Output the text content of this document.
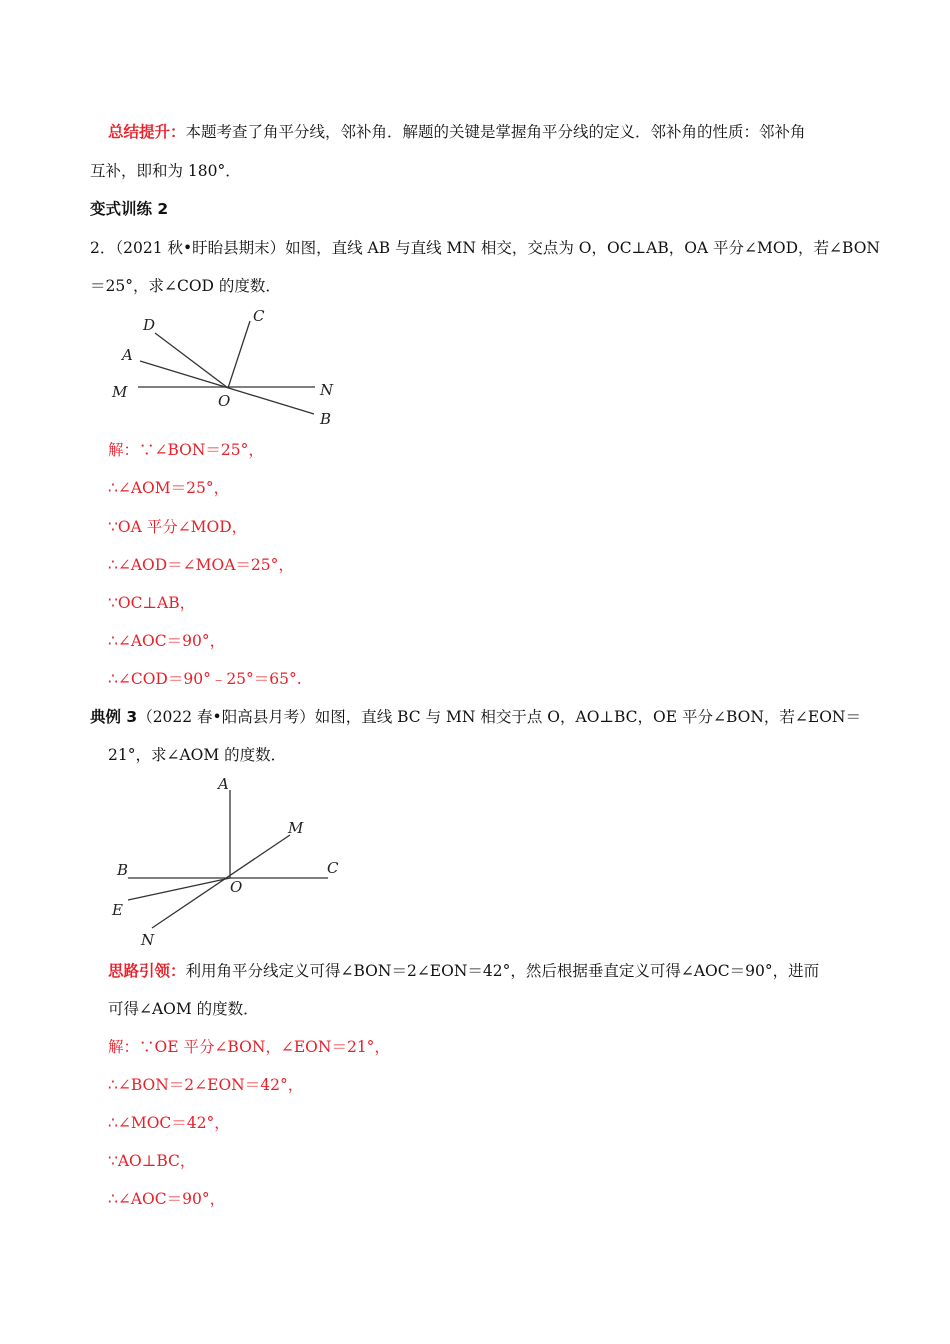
总结提升：本题考查了角平分线，邻补角．解题的关键是掌握角平分线的定义．邻补角的性质：邻补角
互补，即和为 180°．
变式训练 2
2．（2021 秋•盱眙县期末）如图，直线 AB 与直线 MN 相交，交点为 O，OC⊥AB，OA 平分∠MOD，若∠BON
＝25°，求∠COD 的度数．
D	C
A
M	O
N
B
解：∵∠BON＝25°，
∴∠AOM＝25°，
∵OA 平分∠MOD，
∴∠AOD＝∠MOA＝25°，
∵OC⊥AB，
∴∠AOC＝90°，
∴∠COD＝90°﹣25°＝65°.
典例 3（2022 春•阳高县月考）如图，直线 BC 与 MN 相交于点 O，AO⊥BC，OE 平分∠BON，若∠EON＝
21°，求∠AOM 的度数．
A
M
B
O
C
E
N
思路引领：利用角平分线定义可得∠BON＝2∠EON＝42°，然后根据垂直定义可得∠AOC＝90°，进而
可得∠AOM 的度数．
解：∵OE 平分∠BON，∠EON＝21°，
∴∠BON＝2∠EON＝42°，
∴∠MOC＝42°，
∵AO⊥BC，
∴∠AOC＝90°，
